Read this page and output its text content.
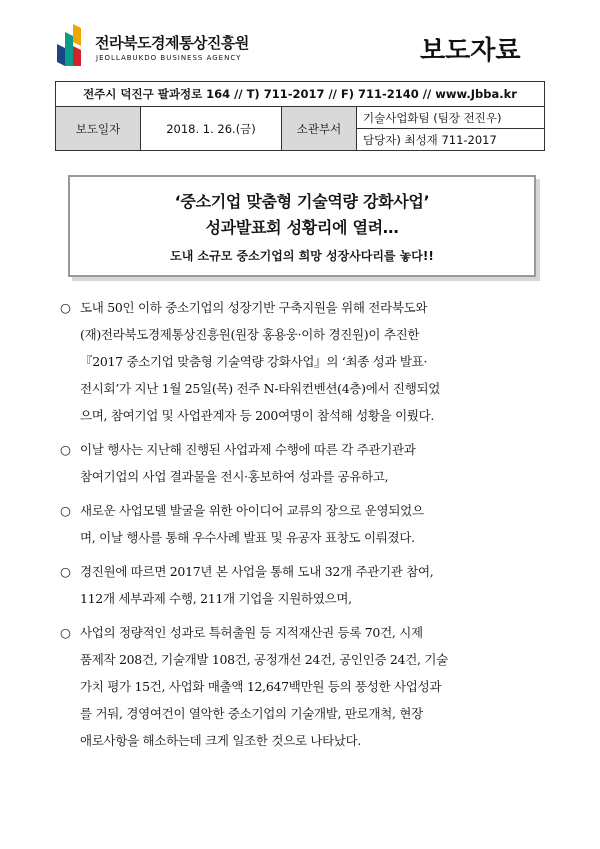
전라북도경제통상진흥원
JEOLLABUKDO BUSINESS AGENCY	보도자료
전주시 덕진구 팔과정로 164 // T) 711-2017 // F) 711-2140 // www.Jbba.kr
보도일자	2018. 1. 26.(금)	소관부서	기술사업화팀 (팀장 전진우)
담당자) 최성재 711-2017
‘중소기업 맞춤형 기술역량 강화사업’
성과발표회 성황리에 열려…
도내 소규모 중소기업의 희망 성장사다리를 놓다!!
○ 도내 50인 이하 중소기업의 성장기반 구축지원을 위해 전라북도와
(재)전라북도경제통상진흥원(원장 홍용웅·이하 경진원)이 추진한
『2017 중소기업 맞춤형 기술역량 강화사업』의 ‘최종 성과 발표·
전시회’가 지난 1월 25일(목) 전주 N-타워컨벤션(4층)에서 진행되었
으며, 참여기업 및 사업관계자 등 200여명이 참석해 성황을 이뤘다.
○ 이날 행사는 지난해 진행된 사업과제 수행에 따른 각 주관기관과
참여기업의 사업 결과물을 전시·홍보하여 성과를 공유하고,
○ 새로운 사업모델 발굴을 위한 아이디어 교류의 장으로 운영되었으
며, 이날 행사를 통해 우수사례 발표 및 유공자 표창도 이뤄졌다.
○ 경진원에 따르면 2017년 본 사업을 통해 도내 32개 주관기관 참여,
112개 세부과제 수행, 211개 기업을 지원하였으며,
○ 사업의 정량적인 성과로 특허출원 등 지적재산권 등록 70건, 시제
품제작 208건, 기술개발 108건, 공정개선 24건, 공인인증 24건, 기술
가치 평가 15건, 사업화 매출액 12,647백만원 등의 풍성한 사업성과
를 거둬, 경영여건이 열악한 중소기업의 기술개발, 판로개척, 현장
애로사항을 해소하는데 크게 일조한 것으로 나타났다.
